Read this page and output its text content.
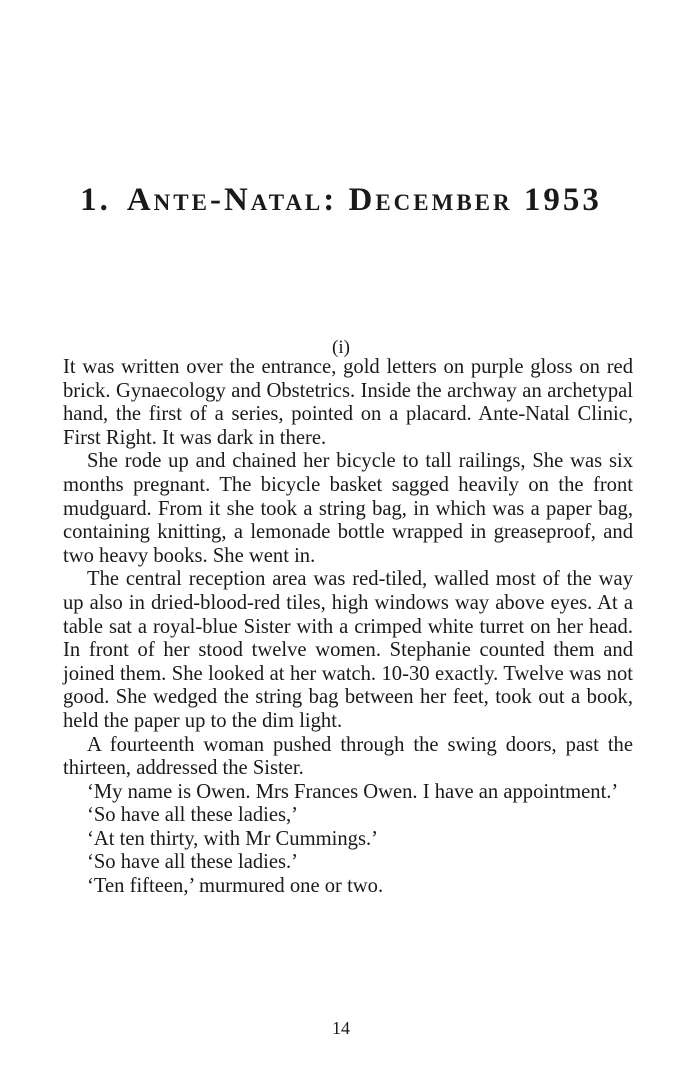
1. Ante-Natal: December 1953
(i)

It was written over the entrance, gold letters on purple gloss on red brick. Gynaecology and Obstetrics. Inside the archway an archetypal hand, the first of a series, pointed on a placard. Ante-Natal Clinic, First Right. It was dark in there.

She rode up and chained her bicycle to tall railings, She was six months pregnant. The bicycle basket sagged heavily on the front mudguard. From it she took a string bag, in which was a paper bag, containing knitting, a lemonade bottle wrapped in greaseproof, and two heavy books. She went in.

The central reception area was red-tiled, walled most of the way up also in dried-blood-red tiles, high windows way above eyes. At a table sat a royal-blue Sister with a crimped white turret on her head. In front of her stood twelve women. Stephanie counted them and joined them. She looked at her watch. 10-30 exactly. Twelve was not good. She wedged the string bag between her feet, took out a book, held the paper up to the dim light.

A fourteenth woman pushed through the swing doors, past the thirteen, addressed the Sister.

‘My name is Owen. Mrs Frances Owen. I have an appointment.’

‘So have all these ladies,’

‘At ten thirty, with Mr Cummings.’

‘So have all these ladies.’

‘Ten fifteen,’ murmured one or two.

14
